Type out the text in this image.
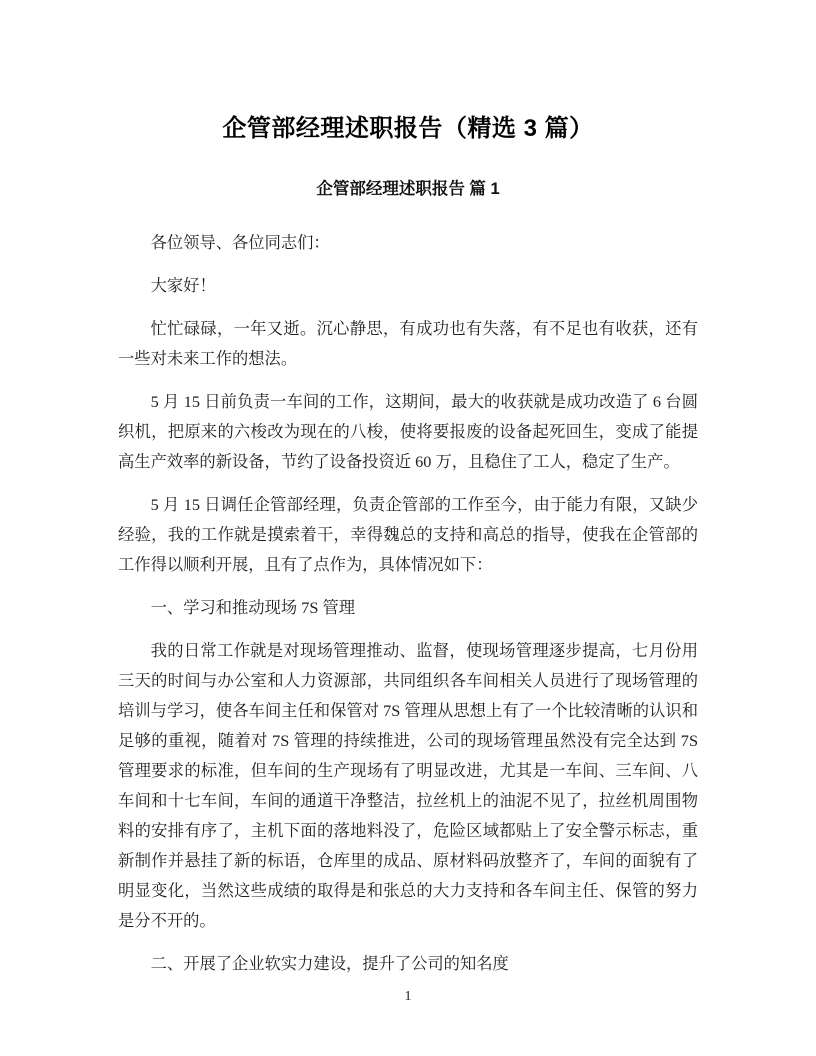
企管部经理述职报告（精选 3 篇）
企管部经理述职报告 篇 1

各位领导、各位同志们：

大家好！

忙忙碌碌，一年又逝。沉心静思，有成功也有失落，有不足也有收获，还有一些对未来工作的想法。

5 月 15 日前负责一车间的工作，这期间，最大的收获就是成功改造了 6 台圆织机，把原来的六梭改为现在的八梭，使将要报废的设备起死回生，变成了能提高生产效率的新设备，节约了设备投资近 60 万，且稳住了工人，稳定了生产。

5 月 15 日调任企管部经理，负责企管部的工作至今，由于能力有限，又缺少经验，我的工作就是摸索着干，幸得魏总的支持和高总的指导，使我在企管部的工作得以顺利开展，且有了点作为，具体情况如下：

一、学习和推动现场 7S 管理

我的日常工作就是对现场管理推动、监督，使现场管理逐步提高，七月份用三天的时间与办公室和人力资源部，共同组织各车间相关人员进行了现场管理的培训与学习，使各车间主任和保管对 7S 管理从思想上有了一个比较清晰的认识和足够的重视，随着对 7S 管理的持续推进，公司的现场管理虽然没有完全达到 7S 管理要求的标准，但车间的生产现场有了明显改进，尤其是一车间、三车间、八车间和十七车间，车间的通道干净整洁，拉丝机上的油泥不见了，拉丝机周围物料的安排有序了，主机下面的落地料没了，危险区域都贴上了安全警示标志，重新制作并悬挂了新的标语，仓库里的成品、原材料码放整齐了，车间的面貌有了明显变化，当然这些成绩的取得是和张总的大力支持和各车间主任、保管的努力是分不开的。

二、开展了企业软实力建设，提升了公司的知名度

1
